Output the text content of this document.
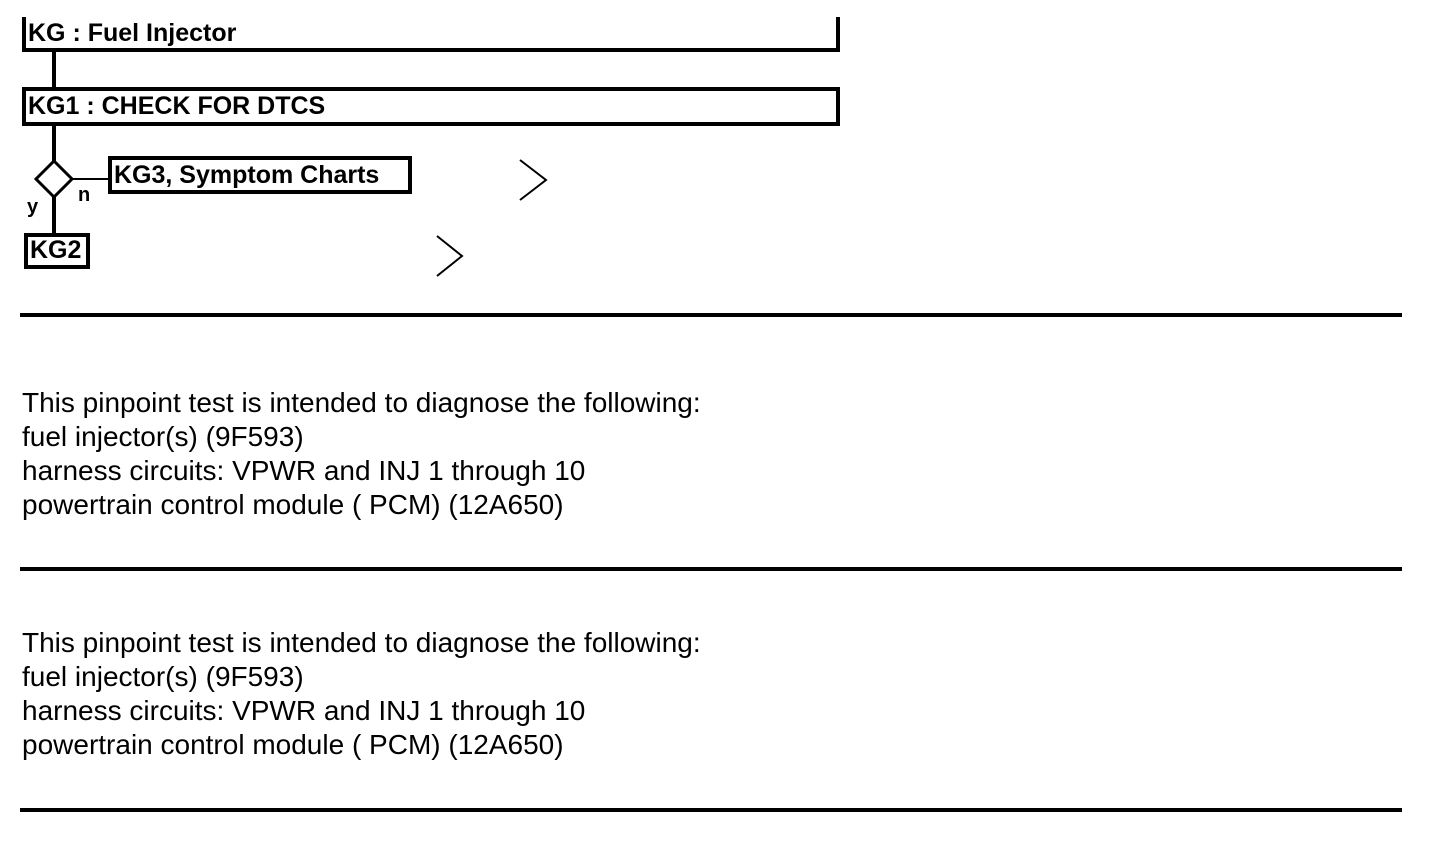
KG : Fuel Injector
KG1 : CHECK FOR DTCS
KG3, Symptom Charts
KG2
y
n
This pinpoint test is intended to diagnose the following:
fuel injector(s) (9F593)
harness circuits: VPWR and INJ 1 through 10
powertrain control module ( PCM) (12A650)
This pinpoint test is intended to diagnose the following:
fuel injector(s) (9F593)
harness circuits: VPWR and INJ 1 through 10
powertrain control module ( PCM) (12A650)
